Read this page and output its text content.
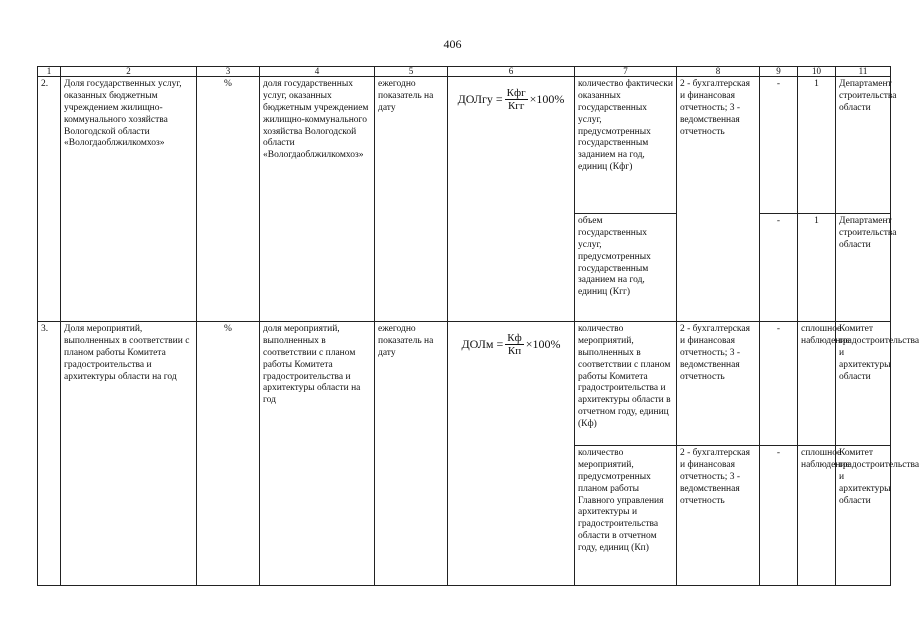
406
1	2	3	4	5	6	7	8	9	10	11
2.	Доля государственных услуг, оказанных бюджетным учреждением жилищно-коммунального хозяйства Вологодской области «Вологдаоблжилкомхоз»	%	доля государственных услуг, оказанных бюджетным учреждением жилищно-коммунального хозяйства Вологодской области «Вологдаоблжилкомхоз»	ежегодно показатель на дату	ДОЛгу = $\frac{\text{Кфг}}{\text{Кгг}} \times 100\%$	количество фактически оказанных государственных услуг, предусмотренных государственным заданием на год, единиц (Кфг)	2 - бухгалтерская и финансовая отчетность; 3 - ведомственная отчетность	-	1	Департамент строительства области
						объем государственных услуг, предусмотренных государственным заданием на год, единиц (Кгг)		-	1	Департамент строительства области
3.	Доля мероприятий, выполненных в соответствии с планом работы Комитета градостроительства и архитектуры области на год	%	доля мероприятий, выполненных в соответствии с планом работы Комитета градостроительства и архитектуры области на год	ежегодно показатель на дату	ДОЛм = $\frac{Кф}{Кп} \times 100\%$	количество мероприятий, выполненных в соответствии с планом работы Комитета градостроительства и архитектуры области в отчетном году, единиц (Кф)	2 - бухгалтерская и финансовая отчетность; 3 - ведомственная отчетность	-	сплошное наблюдение	Комитет градостроительства и архитектуры области
						количество мероприятий, предусмотренных планом работы Главного управления архитектуры и градостроительства области в отчетном году, единиц (Кп)	2 - бухгалтерская и финансовая отчетность; 3 - ведомственная отчетность	-	сплошное наблюдение	Комитет градостроительства и архитектуры области
